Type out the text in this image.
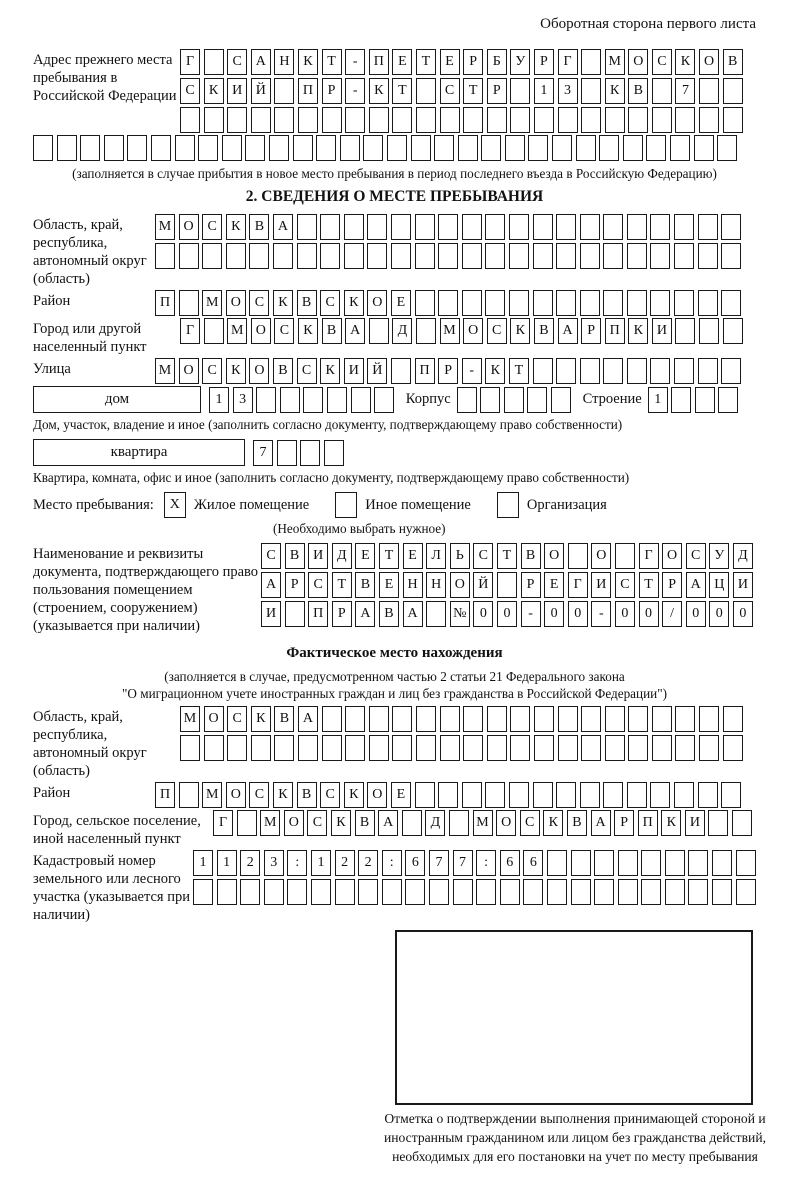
Оборотная сторона первого листа
Адрес прежнего места пребывания в Российской Федерации
Г	С А Н К	Т	-	П	Е	Т	Е	Р	Б	У	Р	Г	М О С	К О В
С	К И Й	П	Р	-	К	Т	С	Т	Р	1	3	К	В	7
(заполняется в случае прибытия в новое место пребывания в период последнего въезда в Российскую Федерацию)
2. СВЕДЕНИЯ О МЕСТЕ ПРЕБЫВАНИЯ
Область, край, республика, автономный округ (область)
М О С	К	В А
Район	П	М О С	К	В	С	К О	Е
Город или другой населенный пункт
Г	М О С	К	В А	Д	М О С	К	В А	Р	П К И
Улица	М О С	К О В	С	К И Й	П	Р	-	К	Т
дом	1	3	Корпус	Строение 1
Дом, участок, владение и иное (заполнить согласно документу, подтверждающему право собственности)
квартира	7
Квартира, комната, офис и иное (заполнить согласно документу, подтверждающему право собственности)
Место пребывания:	X Жилое помещение	Иное помещение	Организация
(Необходимо выбрать нужное)
Наименование и реквизиты документа, подтверждающего право пользования помещением (строением, сооружением) (указывается при наличии)
С	В И Д	Е	Т	Е	Л	Ь	С	Т	В О	О	Г	О С У Д
А	Р	С	Т	В	Е	Н Н О Й	Р	Е	Г	И С	Т	Р	А Ц И
И	П	Р	А В А	№ 0	0	-	0	0	-	0	0	/	0	0	0
Фактическое место нахождения
(заполняется в случае, предусмотренном частью 2 статьи 21 Федерального закона
"О миграционном учете иностранных граждан и лиц без гражданства в Российской Федерации")
Область, край, республика, автономный округ (область)
М О С	К	В А
Район	П	М О С	К	В	С	К О	Е
Город, сельское поселение, иной населенный пункт
Г	М О С	К	В А	Д	М О С	К	В А	Р	П К И
Кадастровый номер земельного или лесного участка (указывается при наличии)
1	1	2	3	:	1	2	2	:	6	7	7	:	6	6
Отметка о подтверждении выполнения принимающей стороной и иностранным гражданином или лицом без гражданства действий, необходимых для его постановки на учет по месту пребывания
